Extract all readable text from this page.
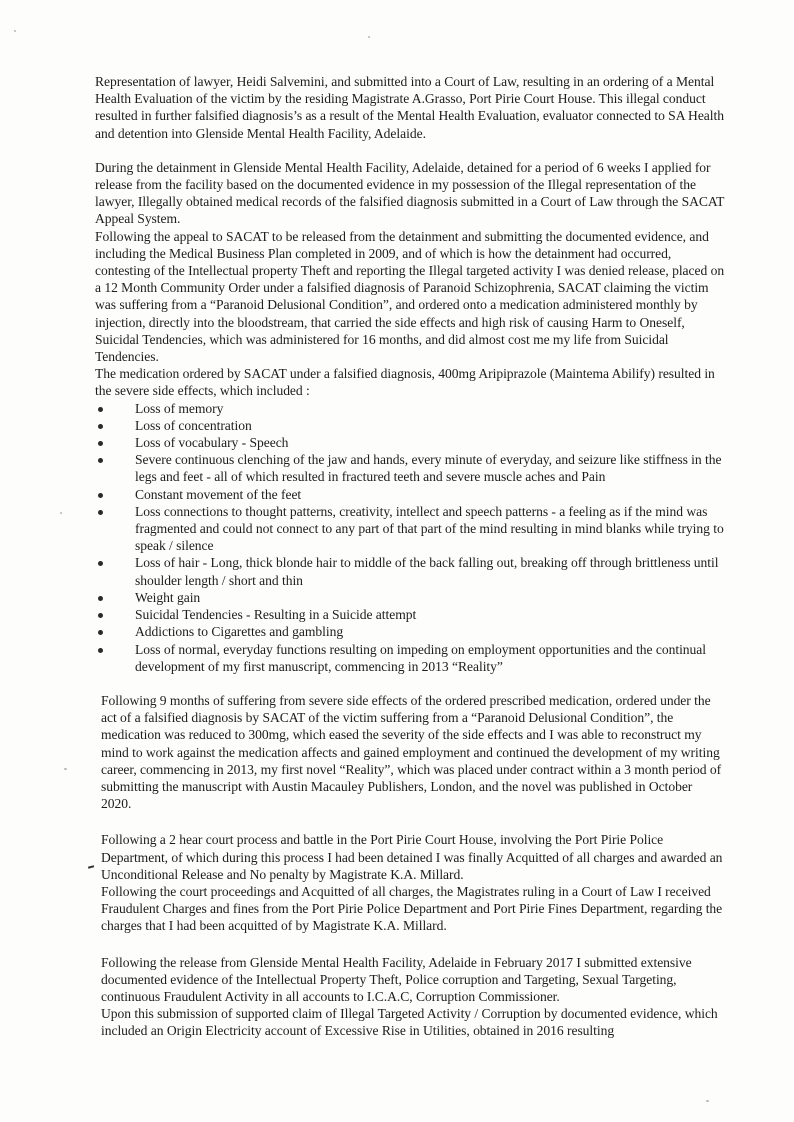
Representation of lawyer, Heidi Salvemini, and submitted into a Court of Law, resulting in an ordering of a Mental Health Evaluation of the victim by the residing Magistrate A.Grasso, Port Pirie Court House. This illegal conduct resulted in further falsified diagnosis’s as a result of the Mental Health Evaluation, evaluator connected to SA Health and detention into Glenside Mental Health Facility, Adelaide.

During the detainment in Glenside Mental Health Facility, Adelaide, detained for a period of 6 weeks I applied for release from the facility based on the documented evidence in my possession of the Illegal representation of the lawyer, Illegally obtained medical records of the falsified diagnosis submitted in a Court of Law through the SACAT Appeal System.

Following the appeal to SACAT to be released from the detainment and submitting the documented evidence, and including the Medical Business Plan completed in 2009, and of which is how the detainment had occurred, contesting of the Intellectual property Theft and reporting the Illegal targeted activity I was denied release, placed on a 12 Month Community Order under a falsified diagnosis of Paranoid Schizophrenia, SACAT claiming the victim was suffering from a “Paranoid Delusional Condition”, and ordered onto a medication administered monthly by injection, directly into the bloodstream, that carried the side effects and high risk of causing Harm to Oneself, Suicidal Tendencies, which was administered for 16 months, and did almost cost me my life from Suicidal Tendencies.

The medication ordered by SACAT under a falsified diagnosis, 400mg Aripiprazole (Maintema Abilify) resulted in the severe side effects, which included :

Loss of memory
Loss of concentration
Loss of vocabulary - Speech
Severe continuous clenching of the jaw and hands, every minute of everyday, and seizure like stiffness in the legs and feet - all of which resulted in fractured teeth and severe muscle aches and Pain
Constant movement of the feet
Loss connections to thought patterns, creativity, intellect and speech patterns - a feeling as if the mind was fragmented and could not connect to any part of that part of the mind resulting in mind blanks while trying to speak / silence
Loss of hair - Long, thick blonde hair to middle of the back falling out, breaking off through brittleness until shoulder length / short and thin
Weight gain
Suicidal Tendencies - Resulting in a Suicide attempt
Addictions to Cigarettes and gambling
Loss of normal, everyday functions resulting on impeding on employment opportunities and the continual development of my first manuscript, commencing in 2013 “Reality”

Following 9 months of suffering from severe side effects of the ordered prescribed medication, ordered under the act of a falsified diagnosis by SACAT of the victim suffering from a “Paranoid Delusional Condition”, the medication was reduced to 300mg, which eased the severity of the side effects and I was able to reconstruct my mind to work against the medication affects and gained employment and continued the development of my writing career, commencing in 2013, my first novel “Reality”, which was placed under contract within a 3 month period of submitting the manuscript with Austin Macauley Publishers, London, and the novel was published in October 2020.

Following a 2 hear court process and battle in the Port Pirie Court House, involving the Port Pirie Police Department, of which during this process I had been detained I was finally Acquitted of all charges and awarded an Unconditional Release and No penalty by Magistrate K.A. Millard.

Following the court proceedings and Acquitted of all charges, the Magistrates ruling in a Court of Law I received Fraudulent Charges and fines from the Port Pirie Police Department and Port Pirie Fines Department, regarding the charges that I had been acquitted of by Magistrate K.A. Millard.

Following the release from Glenside Mental Health Facility, Adelaide in February 2017 I submitted extensive documented evidence of the Intellectual Property Theft, Police corruption and Targeting, Sexual Targeting, continuous Fraudulent Activity in all accounts to I.C.A.C, Corruption Commissioner.

Upon this submission of supported claim of Illegal Targeted Activity / Corruption by documented evidence, which included an Origin Electricity account of Excessive Rise in Utilities, obtained in 2016 resulting
